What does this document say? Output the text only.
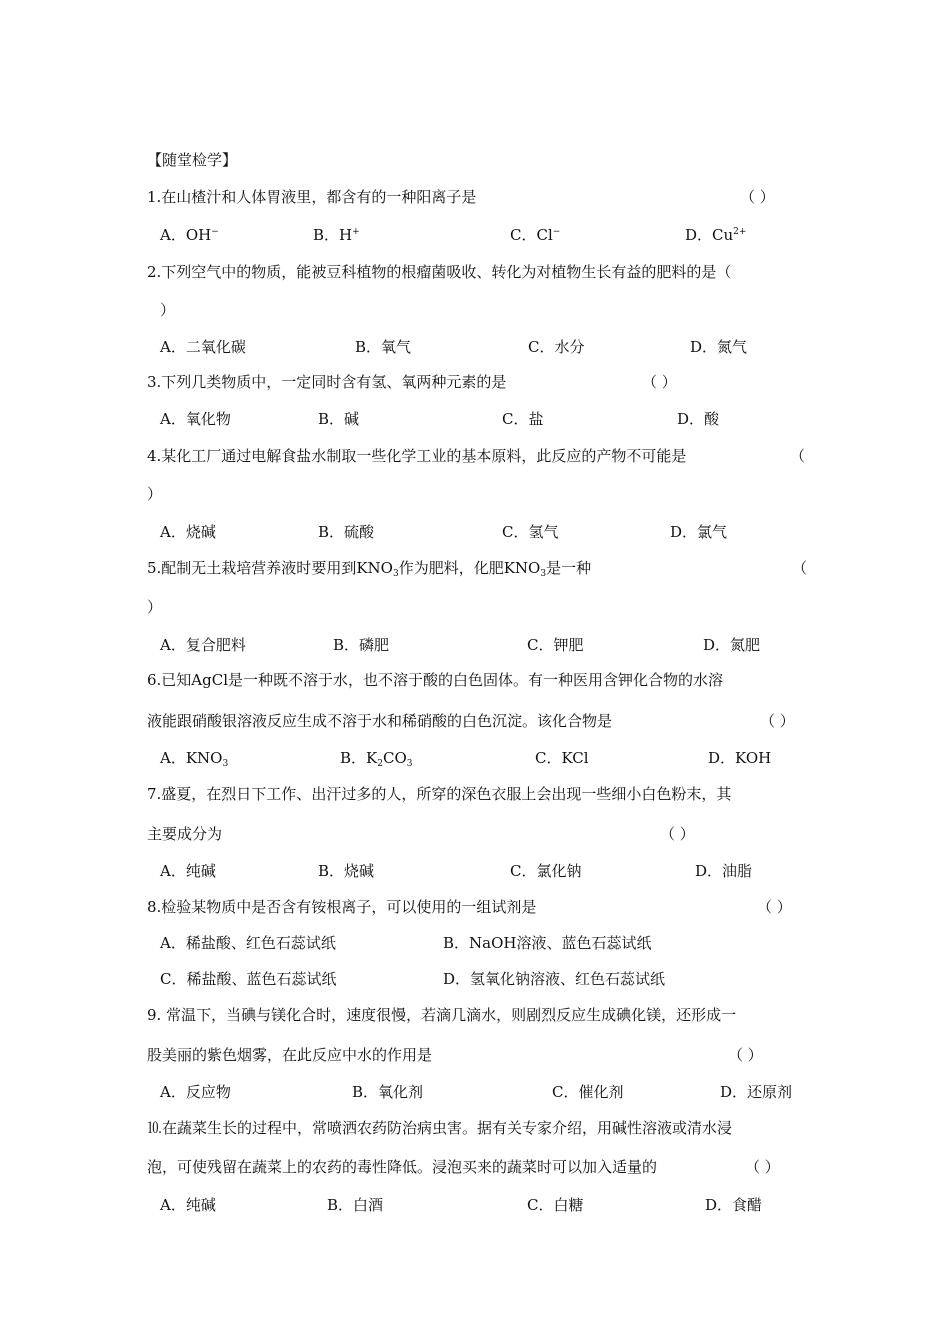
【随堂检学】
1.在山楂汁和人体胃液里，都含有的一种阳离子是	（ ）
A．OH−	B．H+	C．Cl−	D．$Cu^{2+}$
2.下列空气中的物质，能被豆科植物的根瘤菌吸收、转化为对植物生长有益的肥料的是（
）
A．二氧化碳	B．氧气	C．水分	D．氮气
3.下列几类物质中，一定同时含有氢、氧两种元素的是	（ ）
A．氧化物	B．碱	C．盐	D．酸
4.某化工厂通过电解食盐水制取一些化学工业的基本原料，此反应的产物不可能是	（
）
A．烧碱	B．硫酸	C．氢气	D．氯气
5.配制无土栽培营养液时要用到$KNO_3$作为肥料，化肥$KNO_3$是一种	（
）
A．复合肥料	B．磷肥	C．钾肥	D．氮肥
6.已知AgCl是一种既不溶于水，也不溶于酸的白色固体。有一种医用含钾化合物的水溶
液能跟硝酸银溶液反应生成不溶于水和稀硝酸的白色沉淀。该化合物是	（ ）
A．$KNO_3$	B．$K_2CO_3$	C．KCl	D．KOH
7.盛夏，在烈日下工作、出汗过多的人，所穿的深色衣服上会出现一些细小白色粉末，其
主要成分为	（ ）
A．纯碱	B．烧碱	C．氯化钠	D．油脂
8.检验某物质中是否含有铵根离子，可以使用的一组试剂是	（ ）
A．稀盐酸、红色石蕊试纸	B．NaOH溶液、蓝色石蕊试纸
C．稀盐酸、蓝色石蕊试纸	D．氢氧化钠溶液、红色石蕊试纸
9. 常温下，当碘与镁化合时，速度很慢，若滴几滴水，则剧烈反应生成碘化镁，还形成一
股美丽的紫色烟雾，在此反应中水的作用是	（ ）
A．反应物	B．氧化剂	C．催化剂	D．还原剂
⒑在蔬菜生长的过程中，常喷洒农药防治病虫害。据有关专家介绍，用碱性溶液或清水浸
泡，可使残留在蔬菜上的农药的毒性降低。浸泡买来的蔬菜时可以加入适量的	（ ）
A．纯碱	B．白酒	C．白糖	D．食醋
